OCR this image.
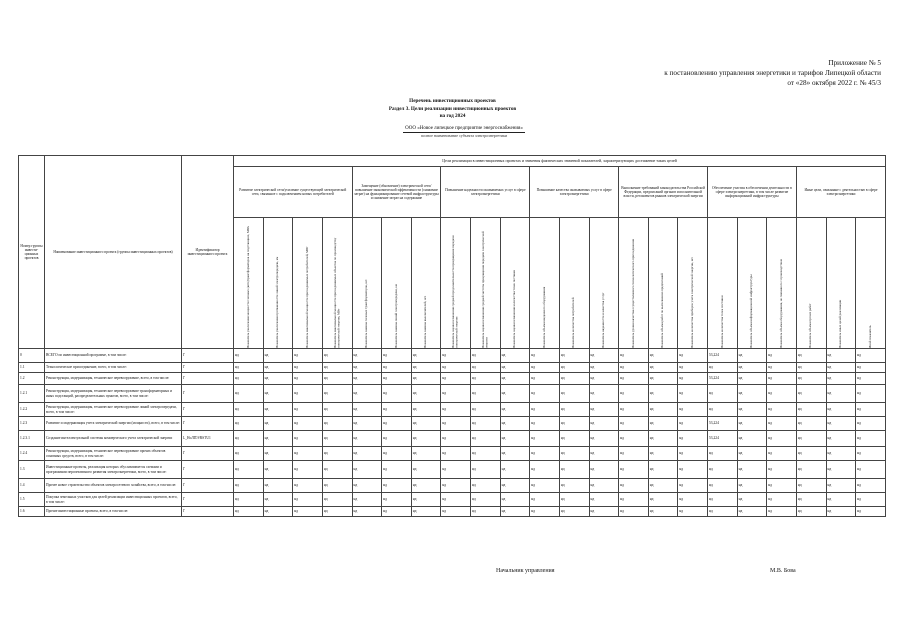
Приложение № 5
к постановлению управления энергетики и тарифов Липецкой области
от «28» октября 2022 г. № 45/3
Перечень инвестиционных проектов
Раздел 3. Цели реализации инвестиционных проектов
на год 2024
ООО «Новое липецкое предприятие энергоснабжения»
полное наименование субъекта электроэнергетики
Номер группы инвести-ционных проектов	Наименование инвестиционного проекта (группы инвестиционных проектов)	Идентификатор инвестиционного проекта	Цели реализации в инвестиционных проектах и значения фактических значений показателей, характеризующих достижение таких целей																					
			Развитие электрической сети/усиление существующей электрической сети, связанное с подключением новых потребителей				Замещение (обновление) электрической сети/повышение экономической эффективности (снижение затрат) на функционирование сетевой инфраструктуры и снижение затрат на содержание			Повышение надежности оказываемых услуг в сфере электроэнергетики			Повышение качества оказываемых услуг в сфере электроэнергетики			Выполнение требований законодательства Российской Федерации, предписаний органов исполнительной власти, регламентов рынков электрической энергии			Обеспечение участия в обеспечении деятельности в сфере электроэнергетики, в том числе развитие информационной инфраструктуры			Иные цели, связанные с деятельностью в сфере электроэнергетики		

			Показатель увеличения мощности силовых (авто)трансформаторов на подстанциях, МВА	Показатель увеличения протяженности линий электропередачи, км	Показатель максимальной мощности присоединяемых потребителей, МВт	Показатель максимальной мощности присоединяемых объектов по производству электрической энергии, МВт	Показатель замены силовых трансформаторов, шт.	Показатель замены линий электропередачи, км	Показатель замены выключателей, шт.	Показатель оценки изменения средней продолжительности прекращения передачи электрической энергии	Показатель оценки изменения средней частоты прекращения передачи электрической энергии	Показатель оценки изменения количества точек поставки	Показатель объема введенного оборудования	Показатель количества потребителей	Показатель надежности и качества услуг	Показатель уровня качества осуществляемого технологического присоединения	Показатель объема работ по выполнению предписаний	Показатель количества приборов учета электрической энергии, шт.	Показатель количества точек поставки	Показатель объема информационной инфраструктуры	Показатель объема оборудования, не связанного с производством	Показатель объема прочих работ	Показатель иных целей реализации	Иной показатель

0	ВСЕГО по инвестиционной программе, в том числе:	Г	нд	нд	нд	нд	нд	нд	нд	нд	нд	нд	нд	нд	нд	нд	нд	нд	53,224	нд	нд	нд	нд	нд
1.1	Технологическое присоединение, всего, в том числе:	Г	нд	нд	нд	нд	нд	нд	нд	нд	нд	нд	нд	нд	нд	нд	нд	нд	нд	нд	нд	нд	нд	нд
1.2	Реконструкция, модернизация, техническое перевооружение, всего, в том числе:	Г	нд	нд	нд	нд	нд	нд	нд	нд	нд	нд	нд	нд	нд	нд	нд	нд	53,224	нд	нд	нд	нд	нд
1.2.1	Реконструкция, модернизация, техническое перевооружение трансформаторных и иных подстанций, распределительных пунктов, всего, в том числе:	Г	нд	нд	нд	нд	нд	нд	нд	нд	нд	нд	нд	нд	нд	нд	нд	нд	нд	нд	нд	нд	нд	нд
1.2.2	Реконструкция, модернизация, техническое перевооружение линий электропередачи, всего, в том числе:	Г	нд	нд	нд	нд	нд	нд	нд	нд	нд	нд	нд	нд	нд	нд	нд	нд	нд	нд	нд	нд	нд	нд
1.2.3	Развитие и модернизация учета электрической энергии (мощности), всего, в том числе:	Г	нд	нд	нд	нд	нд	нд	нд	нд	нд	нд	нд	нд	нд	нд	нд	нд	53,224	нд	нд	нд	нд	нд
1.2.3.1	Создание интеллектуальной системы коммерческого учета электрической энергии	L_НоЛПЭ/RSTU1	нд	нд	нд	нд	нд	нд	нд	нд	нд	нд	нд	нд	нд	нд	нд	нд	53,224	нд	нд	нд	нд	нд
1.2.4	Реконструкция, модернизация, техническое перевооружение прочих объектов основных средств, всего, в том числе:	Г	нд	нд	нд	нд	нд	нд	нд	нд	нд	нд	нд	нд	нд	нд	нд	нд	нд	нд	нд	нд	нд	нд
1.3	Инвестиционные проекты, реализация которых обуславливается схемами и программами перспективного развития электроэнергетики, всего, в том числе:	Г	нд	нд	нд	нд	нд	нд	нд	нд	нд	нд	нд	нд	нд	нд	нд	нд	нд	нд	нд	нд	нд	нд
1.4	Прочее новое строительство объектов электросетевого хозяйства, всего, в том числе:	Г	нд	нд	нд	нд	нд	нд	нд	нд	нд	нд	нд	нд	нд	нд	нд	нд	нд	нд	нд	нд	нд	нд
1.5	Покупка земельных участков для целей реализации инвестиционных проектов, всего, в том числе:	Г	нд	нд	нд	нд	нд	нд	нд	нд	нд	нд	нд	нд	нд	нд	нд	нд	нд	нд	нд	нд	нд	нд
1.6	Прочие инвестиционные проекты, всего, в том числе:	Г	нд	нд	нд	нд	нд	нд	нд	нд	нд	нд	нд	нд	нд	нд	нд	нд	нд	нд	нд	нд	нд	нд
Начальник управления	М.В. Бова
